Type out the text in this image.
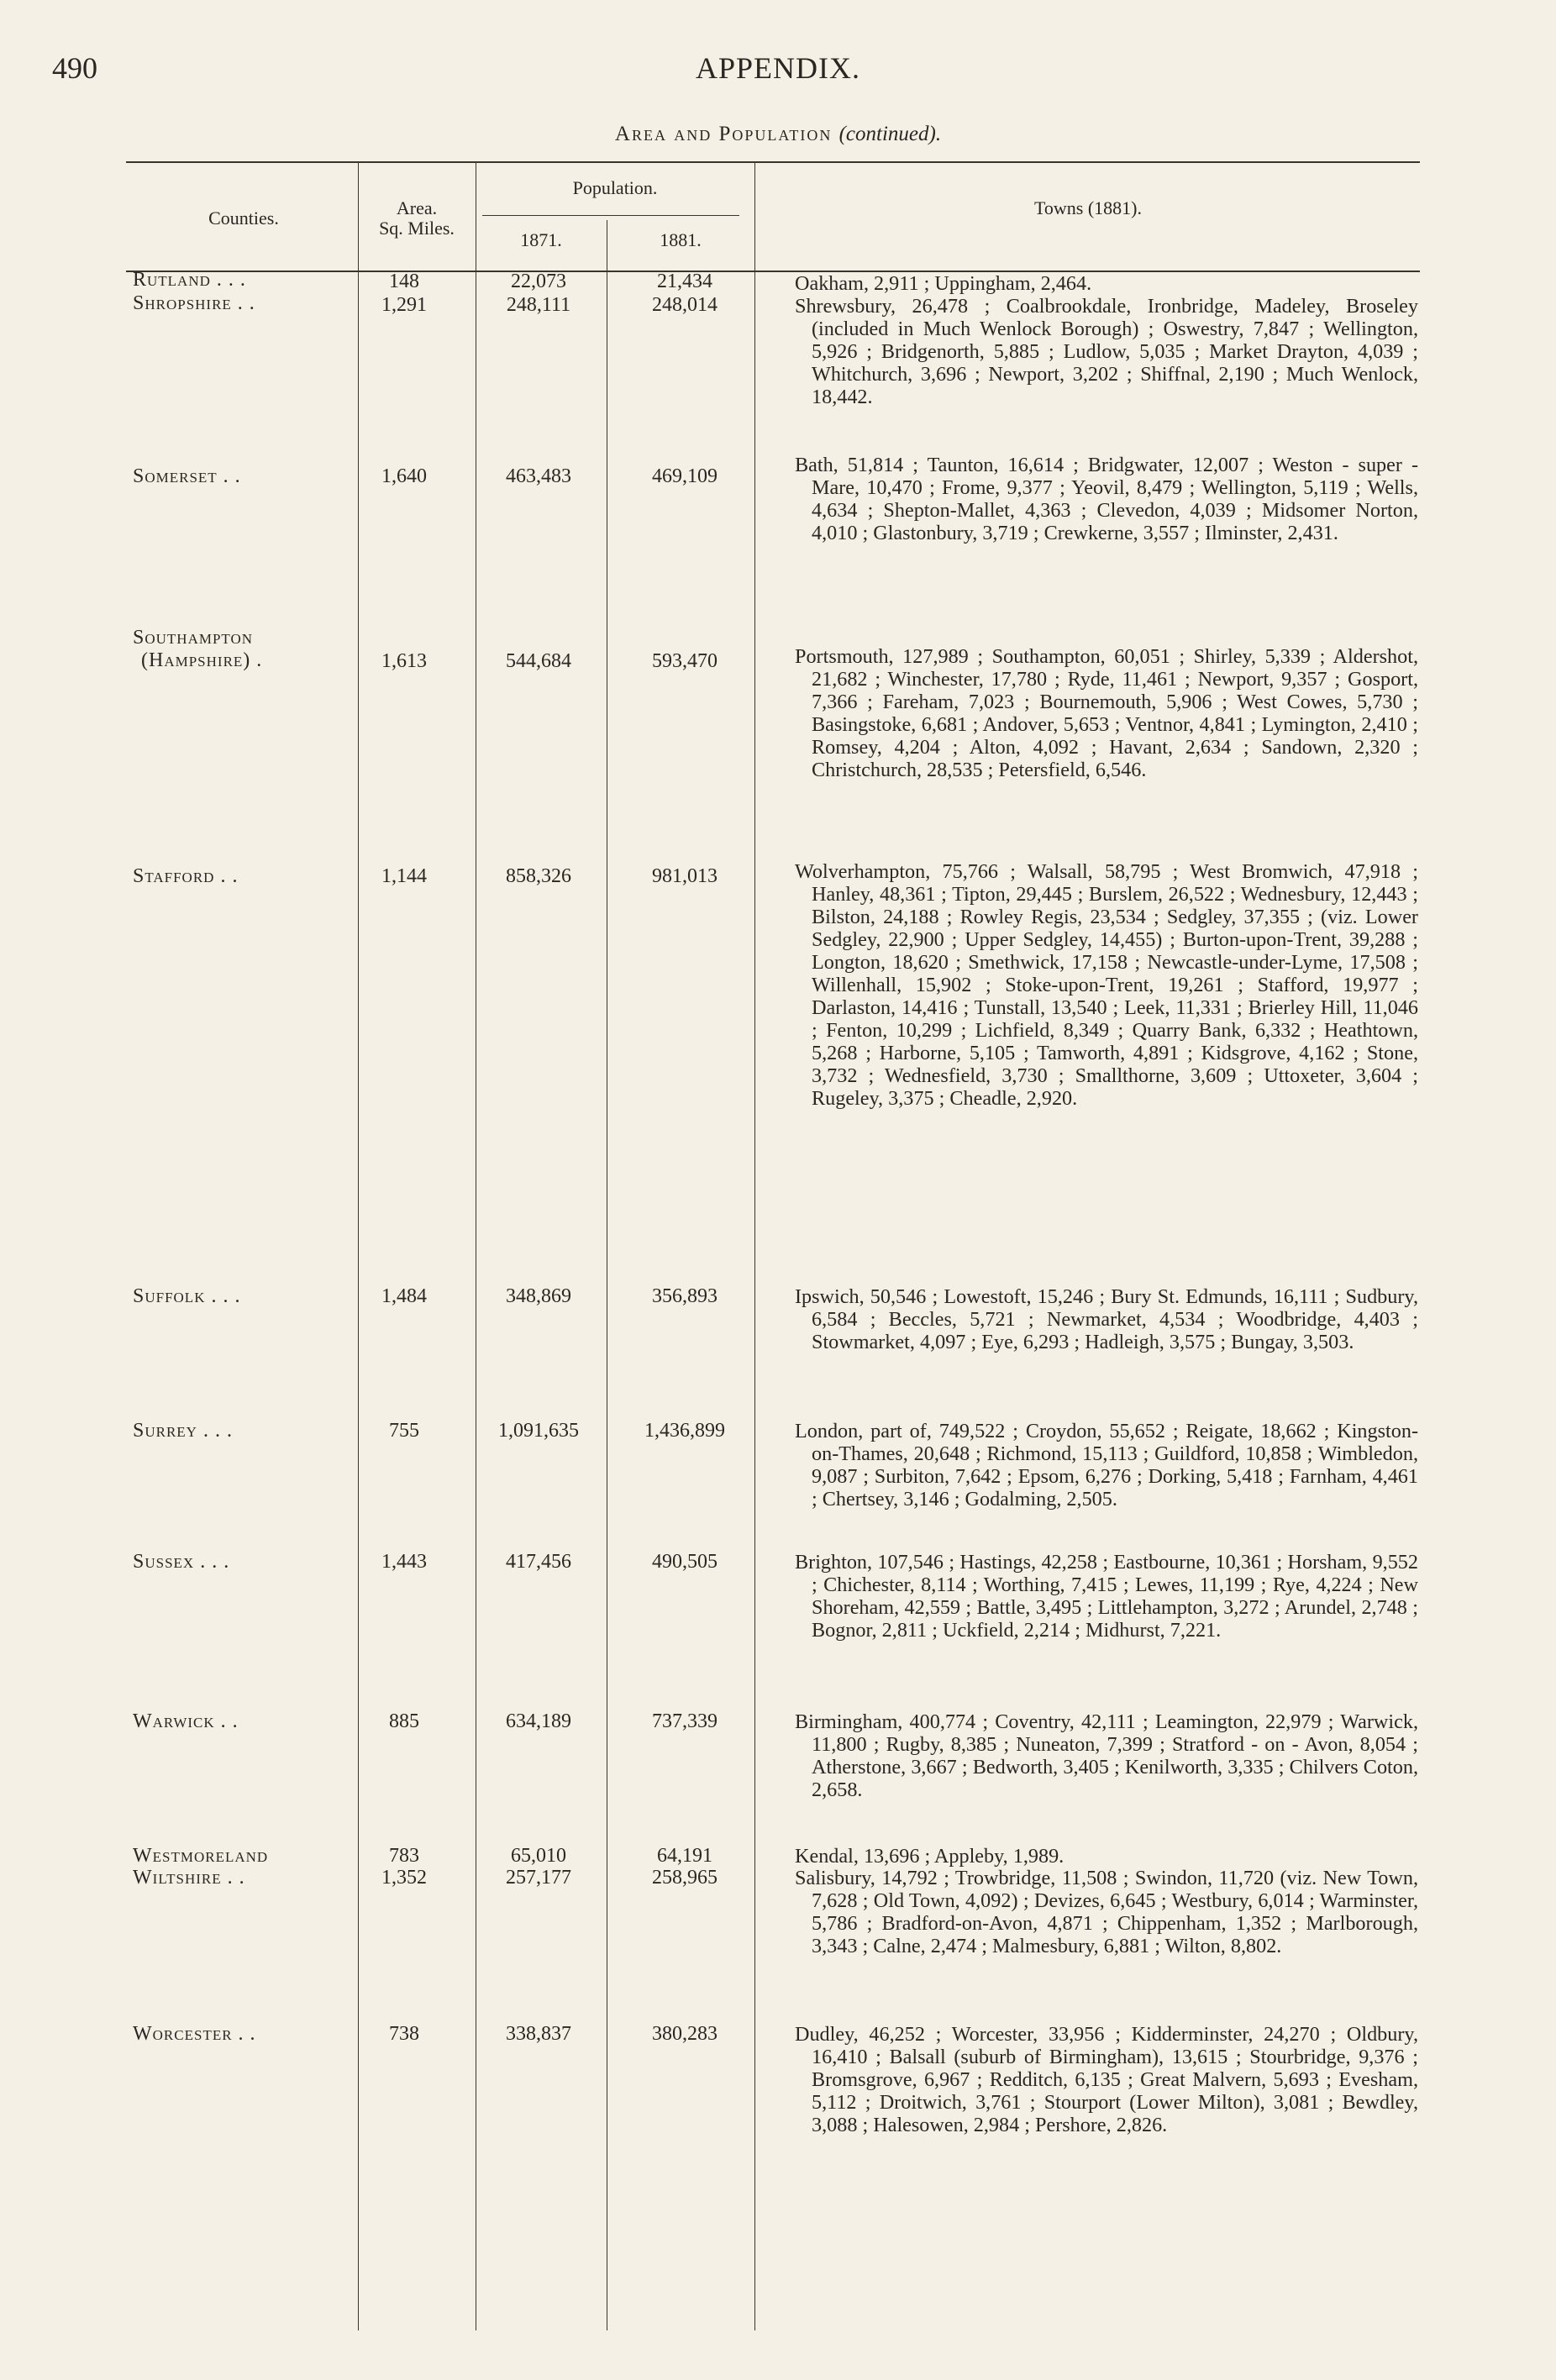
490	APPENDIX.
Area and Population (continued).
Counties.	Area.
Sq. Miles.
Population.
1871.	1881.
Towns (1881).
Rutland . . .	148	22,073	21,434	Oakham, 2,911 ; Uppingham, 2,464.
Shropshire . .	1,291	248,111	248,014	Shrewsbury, 26,478 ; Coalbrookdale, Ironbridge, Madeley, Broseley (included in Much Wenlock Borough) ; Oswestry, 7,847 ; Wellington, 5,926 ; Bridgenorth, 5,885 ; Ludlow, 5,035 ; Market Drayton, 4,039 ; Whitchurch, 3,696 ; Newport, 3,202 ; Shiffnal, 2,190 ; Much Wenlock, 18,442.
Somerset . .	1,640	463,483	469,109	Bath, 51,814 ; Taunton, 16,614 ; Bridgwater, 12,007 ; Weston - super - Mare, 10,470 ; Frome, 9,377 ; Yeovil, 8,479 ; Wellington, 5,119 ; Wells, 4,634 ; Shepton-Mallet, 4,363 ; Clevedon, 4,039 ; Midsomer Norton, 4,010 ; Glastonbury, 3,719 ; Crewkerne, 3,557 ; Ilminster, 2,431.
Southampton
(Hampshire) .	1,613	544,684	593,470	Portsmouth, 127,989 ; Southampton, 60,051 ; Shirley, 5,339 ; Aldershot, 21,682 ; Winchester, 17,780 ; Ryde, 11,461 ; Newport, 9,357 ; Gosport, 7,366 ; Fareham, 7,023 ; Bournemouth, 5,906 ; West Cowes, 5,730 ; Basingstoke, 6,681 ; Andover, 5,653 ; Ventnor, 4,841 ; Lymington, 2,410 ; Romsey, 4,204 ; Alton, 4,092 ; Havant, 2,634 ; Sandown, 2,320 ; Christchurch, 28,535 ; Petersfield, 6,546.
Stafford . .	1,144	858,326	981,013	Wolverhampton, 75,766 ; Walsall, 58,795 ; West Bromwich, 47,918 ; Hanley, 48,361 ; Tipton, 29,445 ; Burslem, 26,522 ; Wednesbury, 12,443 ; Bilston, 24,188 ; Rowley Regis, 23,534 ; Sedgley, 37,355 ; (viz. Lower Sedgley, 22,900 ; Upper Sedgley, 14,455) ; Burton-upon-Trent, 39,288 ; Longton, 18,620 ; Smethwick, 17,158 ; Newcastle-under-Lyme, 17,508 ; Willenhall, 15,902 ; Stoke-upon-Trent, 19,261 ; Stafford, 19,977 ; Darlaston, 14,416 ; Tunstall, 13,540 ; Leek, 11,331 ; Brierley Hill, 11,046 ; Fenton, 10,299 ; Lichfield, 8,349 ; Quarry Bank, 6,332 ; Heathtown, 5,268 ; Harborne, 5,105 ; Tamworth, 4,891 ; Kidsgrove, 4,162 ; Stone, 3,732 ; Wednesfield, 3,730 ; Smallthorne, 3,609 ; Uttoxeter, 3,604 ; Rugeley, 3,375 ; Cheadle, 2,920.
Suffolk . . .	1,484	348,869	356,893	Ipswich, 50,546 ; Lowestoft, 15,246 ; Bury St. Edmunds, 16,111 ; Sudbury, 6,584 ; Beccles, 5,721 ; Newmarket, 4,534 ; Woodbridge, 4,403 ; Stowmarket, 4,097 ; Eye, 6,293 ; Hadleigh, 3,575 ; Bungay, 3,503.
Surrey . . .	755	1,091,635	1,436,899	London, part of, 749,522 ; Croydon, 55,652 ; Reigate, 18,662 ; Kingston-on-Thames, 20,648 ; Richmond, 15,113 ; Guildford, 10,858 ; Wimbledon, 9,087 ; Surbiton, 7,642 ; Epsom, 6,276 ; Dorking, 5,418 ; Farnham, 4,461 ; Chertsey, 3,146 ; Godalming, 2,505.
Sussex . . .	1,443	417,456	490,505	Brighton, 107,546 ; Hastings, 42,258 ; Eastbourne, 10,361 ; Horsham, 9,552 ; Chichester, 8,114 ; Worthing, 7,415 ; Lewes, 11,199 ; Rye, 4,224 ; New Shoreham, 42,559 ; Battle, 3,495 ; Littlehampton, 3,272 ; Arundel, 2,748 ; Bognor, 2,811 ; Uckfield, 2,214 ; Midhurst, 7,221.
Warwick . .	885	634,189	737,339	Birmingham, 400,774 ; Coventry, 42,111 ; Leamington, 22,979 ; Warwick, 11,800 ; Rugby, 8,385 ; Nuneaton, 7,399 ; Stratford - on - Avon, 8,054 ; Atherstone, 3,667 ; Bedworth, 3,405 ; Kenilworth, 3,335 ; Chilvers Coton, 2,658.
Westmoreland	783	65,010	64,191	Kendal, 13,696 ; Appleby, 1,989.
Wiltshire . .	1,352	257,177	258,965	Salisbury, 14,792 ; Trowbridge, 11,508 ; Swindon, 11,720 (viz. New Town, 7,628 ; Old Town, 4,092) ; Devizes, 6,645 ; Westbury, 6,014 ; Warminster, 5,786 ; Bradford-on-Avon, 4,871 ; Chippenham, 1,352 ; Marlborough, 3,343 ; Calne, 2,474 ; Malmesbury, 6,881 ; Wilton, 8,802.
Worcester . .	738	338,837	380,283	Dudley, 46,252 ; Worcester, 33,956 ; Kidderminster, 24,270 ; Oldbury, 16,410 ; Balsall (suburb of Birmingham), 13,615 ; Stourbridge, 9,376 ; Bromsgrove, 6,967 ; Redditch, 6,135 ; Great Malvern, 5,693 ; Evesham, 5,112 ; Droitwich, 3,761 ; Stourport (Lower Milton), 3,081 ; Bewdley, 3,088 ; Halesowen, 2,984 ; Pershore, 2,826.
